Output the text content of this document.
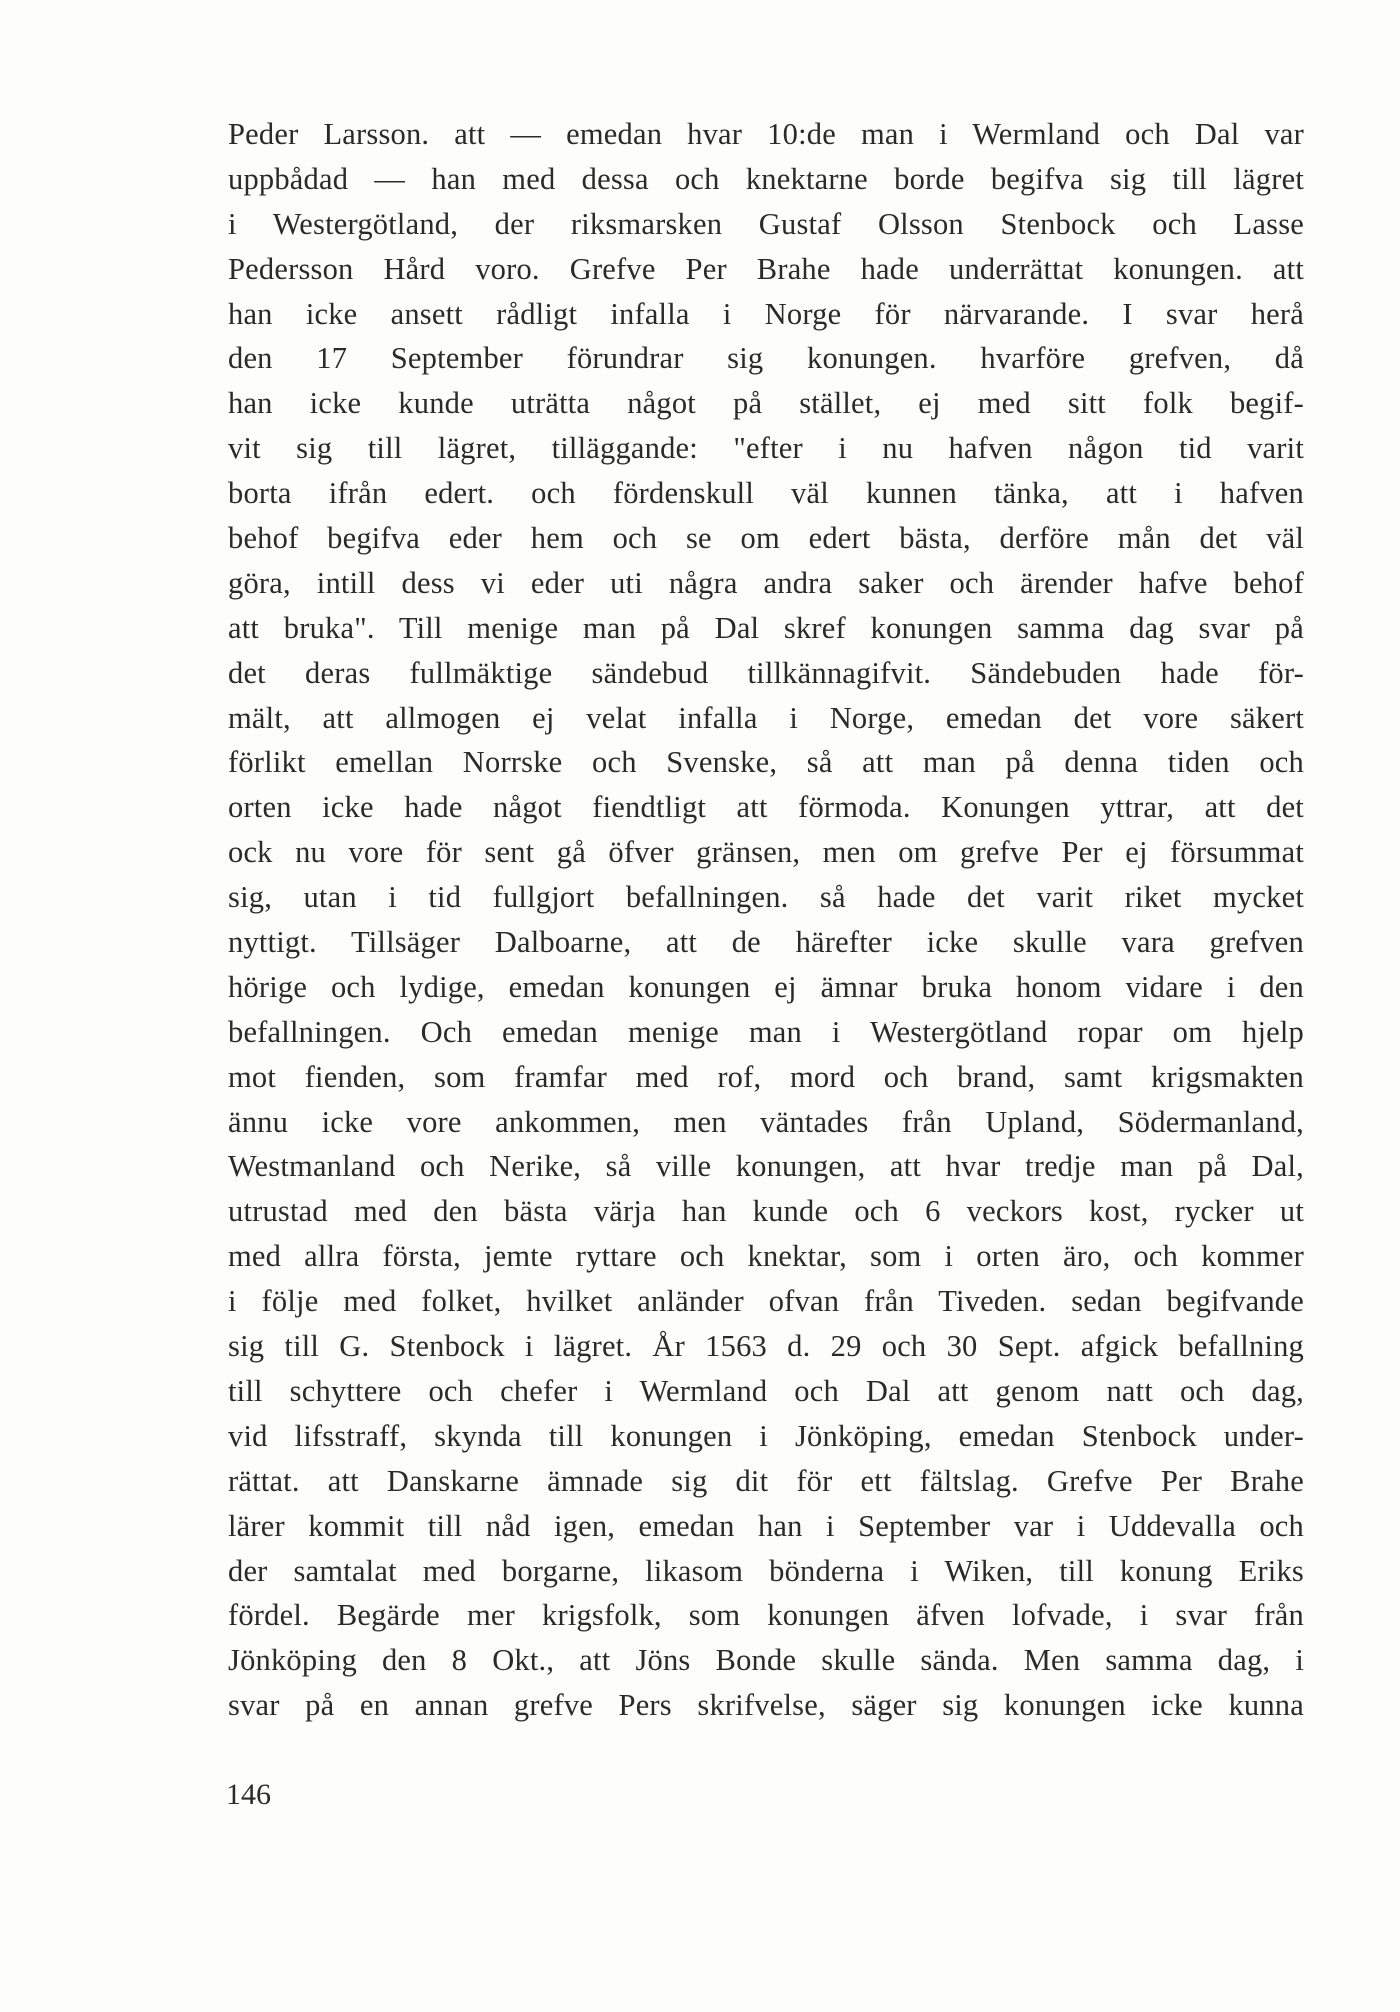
Peder Larsson. att — emedan hvar 10:de man i Wermland och Dal var
uppbådad — han med dessa och knektarne borde begifva sig till lägret
i Westergötland, der riksmarsken Gustaf Olsson Stenbock och Lasse
Pedersson Hård voro. Grefve Per Brahe hade underrättat konungen. att
han icke ansett rådligt infalla i Norge för närvarande. I svar herå
den 17 September förundrar sig konungen. hvarföre grefven, då
han icke kunde uträtta något på stället, ej med sitt folk begif-
vit sig till lägret, tilläggande: "efter i nu hafven någon tid varit
borta ifrån edert. och fördenskull väl kunnen tänka, att i hafven
behof begifva eder hem och se om edert bästa, derföre mån det väl
göra, intill dess vi eder uti några andra saker och ärender hafve behof
att bruka". Till menige man på Dal skref konungen samma dag svar på
det deras fullmäktige sändebud tillkännagifvit. Sändebuden hade för-
mält, att allmogen ej velat infalla i Norge, emedan det vore säkert
förlikt emellan Norrske och Svenske, så att man på denna tiden och
orten icke hade något fiendtligt att förmoda. Konungen yttrar, att det
ock nu vore för sent gå öfver gränsen, men om grefve Per ej försummat
sig, utan i tid fullgjort befallningen. så hade det varit riket mycket
nyttigt. Tillsäger Dalboarne, att de härefter icke skulle vara grefven
hörige och lydige, emedan konungen ej ämnar bruka honom vidare i den
befallningen. Och emedan menige man i Westergötland ropar om hjelp
mot fienden, som framfar med rof, mord och brand, samt krigsmakten
ännu icke vore ankommen, men väntades från Upland, Södermanland,
Westmanland och Nerike, så ville konungen, att hvar tredje man på Dal,
utrustad med den bästa värja han kunde och 6 veckors kost, rycker ut
med allra första, jemte ryttare och knektar, som i orten äro, och kommer
i följe med folket, hvilket anländer ofvan från Tiveden. sedan begifvande
sig till G. Stenbock i lägret. År 1563 d. 29 och 30 Sept. afgick befallning
till schyttere och chefer i Wermland och Dal att genom natt och dag,
vid lifsstraff, skynda till konungen i Jönköping, emedan Stenbock under-
rättat. att Danskarne ämnade sig dit för ett fältslag. Grefve Per Brahe
lärer kommit till nåd igen, emedan han i September var i Uddevalla och
der samtalat med borgarne, likasom bönderna i Wiken, till konung Eriks
fördel. Begärde mer krigsfolk, som konungen äfven lofvade, i svar från
Jönköping den 8 Okt., att Jöns Bonde skulle sända. Men samma dag, i
svar på en annan grefve Pers skrifvelse, säger sig konungen icke kunna
146
